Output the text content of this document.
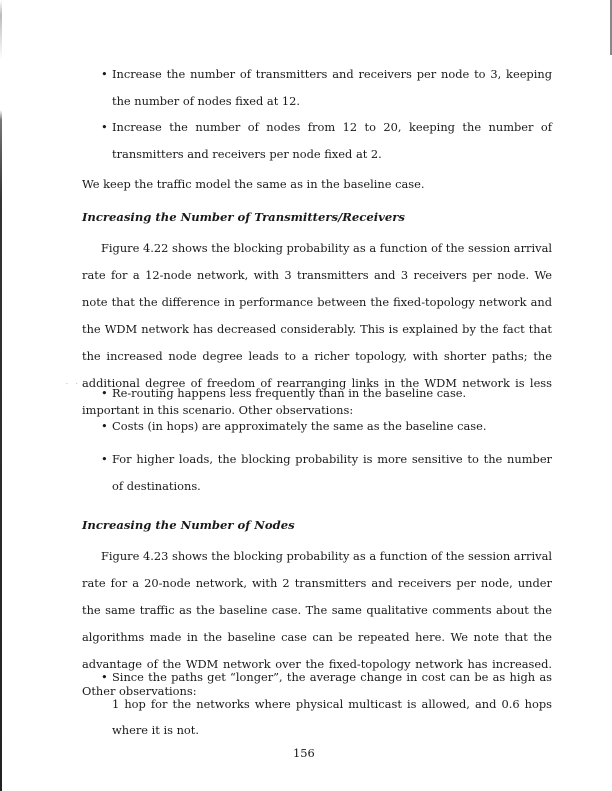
• Increase the number of transmitters and receivers per node to 3, keeping the number of nodes fixed at 12.
• Increase the number of nodes from 12 to 20, keeping the number of transmitters and receivers per node fixed at 2.
We keep the traffic model the same as in the baseline case.
Increasing the Number of Transmitters/Receivers
Figure 4.22 shows the blocking probability as a function of the session arrival rate for a 12-node network, with 3 transmitters and 3 receivers per node. We note that the difference in performance between the fixed-topology network and the WDM network has decreased considerably. This is explained by the fact that the increased node degree leads to a richer topology, with shorter paths; the additional degree of freedom of rearranging links in the WDM network is less important in this scenario. Other observations:
· ·
• Re-routing happens less frequently than in the baseline case.
• Costs (in hops) are approximately the same as the baseline case.
• For higher loads, the blocking probability is more sensitive to the number of destinations.
Increasing the Number of Nodes
Figure 4.23 shows the blocking probability as a function of the session arrival rate for a 20-node network, with 2 transmitters and receivers per node, under the same traffic as the baseline case. The same qualitative comments about the algorithms made in the baseline case can be repeated here. We note that the advantage of the WDM network over the fixed-topology network has increased. Other observations:
• Since the paths get “longer”, the average change in cost can be as high as 1 hop for the networks where physical multicast is allowed, and 0.6 hops where it is not.
156
